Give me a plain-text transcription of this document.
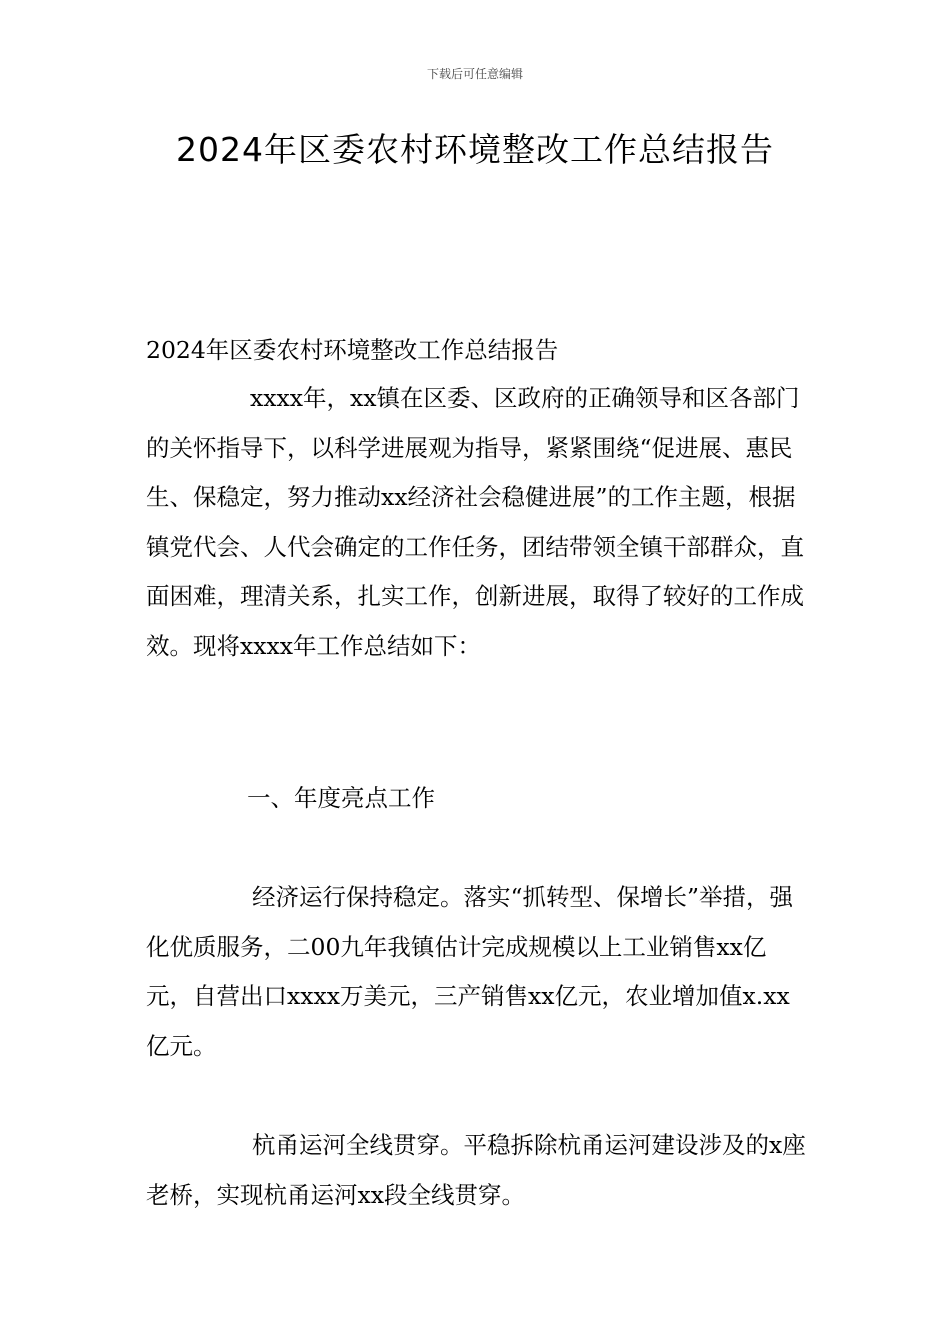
下载后可任意编辑
2024年区委农村环境整改工作总结报告

2024年区委农村环境整改工作总结报告

xxxx年，xx镇在区委、区政府的正确领导和区各部门的关怀指导下，以科学进展观为指导，紧紧围绕“促进展、惠民生、保稳定，努力推动xx经济社会稳健进展”的工作主题，根据镇党代会、人代会确定的工作任务，团结带领全镇干部群众，直面困难，理清关系，扎实工作，创新进展，取得了较好的工作成效。现将xxxx年工作总结如下：

一、年度亮点工作

经济运行保持稳定。落实“抓转型、保增长”举措，强化优质服务，二00九年我镇估计完成规模以上工业销售xx亿元，自营出口xxxx万美元，三产销售xx亿元，农业增加值x.xx亿元。

杭甬运河全线贯穿。平稳拆除杭甬运河建设涉及的x座老桥，实现杭甬运河xx段全线贯穿。
